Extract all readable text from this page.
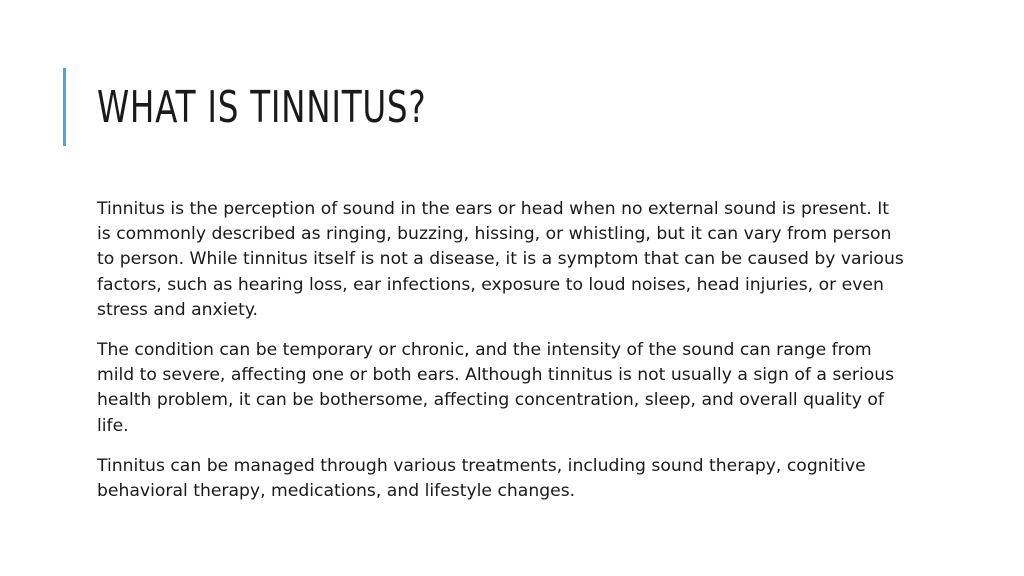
WHAT IS TINNITUS?

Tinnitus is the perception of sound in the ears or head when no external sound is present. It is commonly described as ringing, buzzing, hissing, or whistling, but it can vary from person to person. While tinnitus itself is not a disease, it is a symptom that can be caused by various factors, such as hearing loss, ear infections, exposure to loud noises, head injuries, or even stress and anxiety.

The condition can be temporary or chronic, and the intensity of the sound can range from mild to severe, affecting one or both ears. Although tinnitus is not usually a sign of a serious health problem, it can be bothersome, affecting concentration, sleep, and overall quality of life.

Tinnitus can be managed through various treatments, including sound therapy, cognitive behavioral therapy, medications, and lifestyle changes.
